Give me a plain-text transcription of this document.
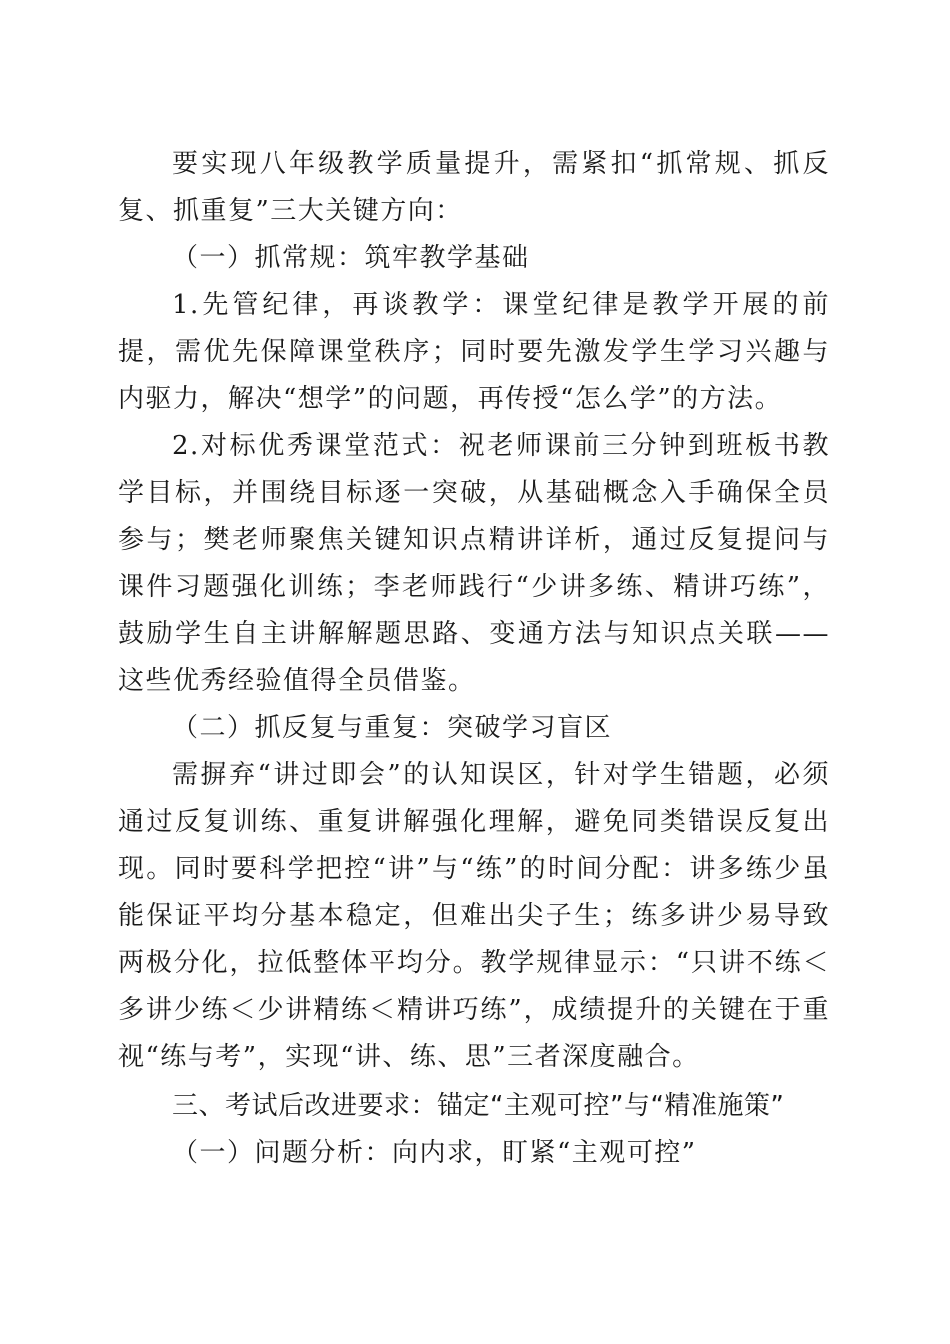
要实现八年级教学质量提升，需紧扣“抓常规、抓反复、抓重复”三大关键方向：

（一）抓常规：筑牢教学基础

1.先管纪律，再谈教学：课堂纪律是教学开展的前提，需优先保障课堂秩序；同时要先激发学生学习兴趣与内驱力，解决“想学”的问题，再传授“怎么学”的方法。

2.对标优秀课堂范式：祝老师课前三分钟到班板书教学目标，并围绕目标逐一突破，从基础概念入手确保全员参与；樊老师聚焦关键知识点精讲详析，通过反复提问与课件习题强化训练；李老师践行“少讲多练、精讲巧练”，鼓励学生自主讲解解题思路、变通方法与知识点关联——这些优秀经验值得全员借鉴。

（二）抓反复与重复：突破学习盲区

需摒弃“讲过即会”的认知误区，针对学生错题，必须通过反复训练、重复讲解强化理解，避免同类错误反复出现。同时要科学把控“讲”与“练”的时间分配：讲多练少虽能保证平均分基本稳定，但难出尖子生；练多讲少易导致两极分化，拉低整体平均分。教学规律显示：“只讲不练＜多讲少练＜少讲精练＜精讲巧练”，成绩提升的关键在于重视“练与考”，实现“讲、练、思”三者深度融合。

三、考试后改进要求：锚定“主观可控”与“精准施策”

（一）问题分析：向内求，盯紧“主观可控”
